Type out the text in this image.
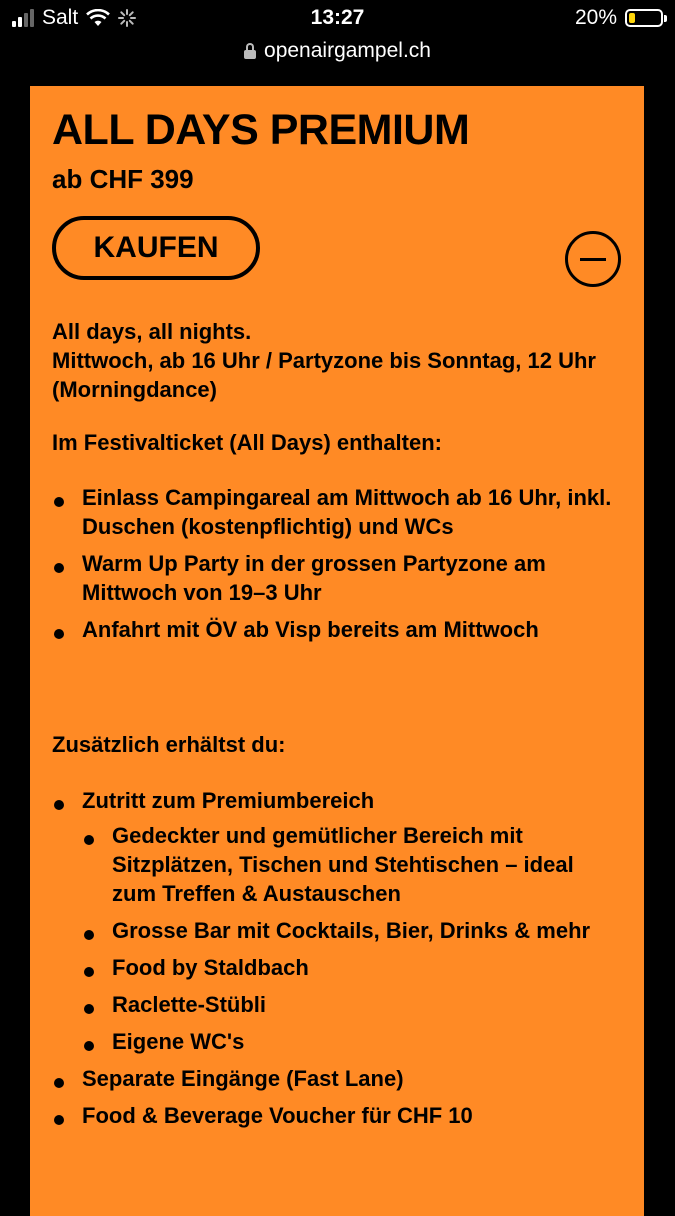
Salt	13:27	20%
openairgampel.ch
ALL DAYS PREMIUM
ab CHF 399
KAUFEN
All days, all nights.
Mittwoch, ab 16 Uhr / Partyzone bis Sonntag, 12 Uhr (Morningdance)
Im Festivalticket (All Days) enthalten:
Einlass Campingareal am Mittwoch ab 16 Uhr, inkl. Duschen (kostenpflichtig) und WCs
Warm Up Party in der grossen Partyzone am Mittwoch von 19–3 Uhr
Anfahrt mit ÖV ab Visp bereits am Mittwoch
Zusätzlich erhältst du:
Zutritt zum Premiumbereich
Gedeckter und gemütlicher Bereich mit Sitzplätzen, Tischen und Stehtischen – ideal zum Treffen & Austauschen
Grosse Bar mit Cocktails, Bier, Drinks & mehr
Food by Staldbach
Raclette-Stübli
Eigene WC's
Separate Eingänge (Fast Lane)
Food & Beverage Voucher für CHF 10
